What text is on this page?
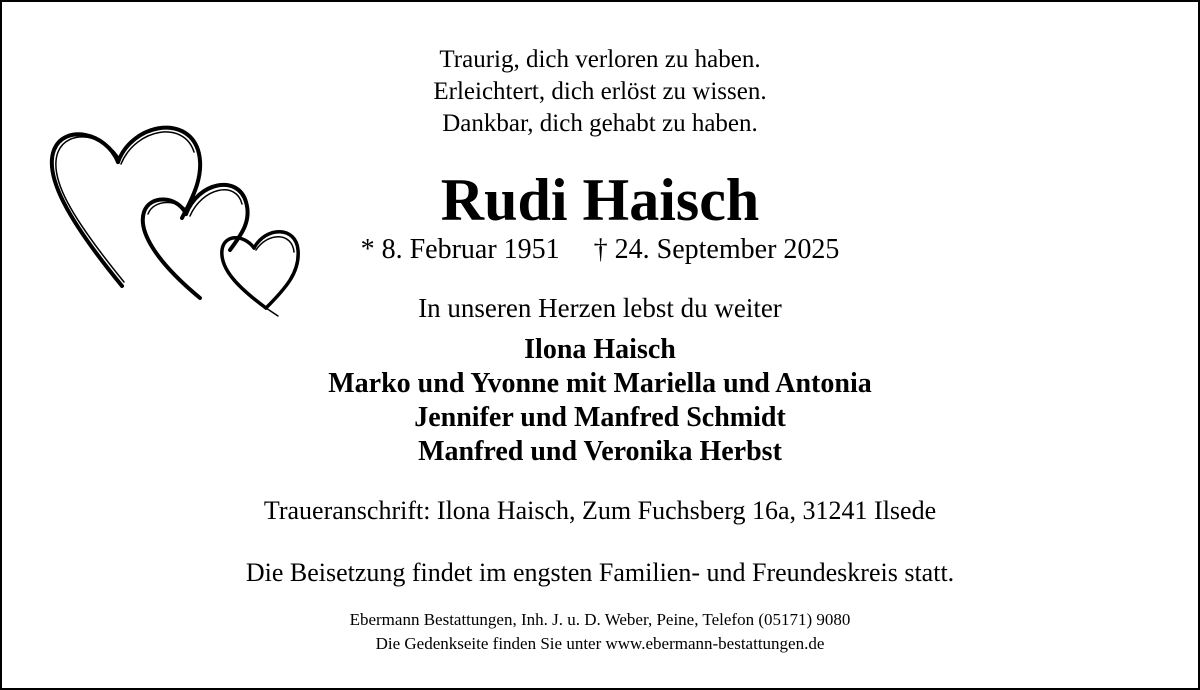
Traurig, dich verloren zu haben.
Erleichtert, dich erlöst zu wissen.
Dankbar, dich gehabt zu haben.
Rudi Haisch
* 8. Februar 1951 † 24. September 2025
In unseren Herzen lebst du weiter
Ilona Haisch
Marko und Yvonne mit Mariella und Antonia
Jennifer und Manfred Schmidt
Manfred und Veronika Herbst
Traueranschrift: Ilona Haisch, Zum Fuchsberg 16a, 31241 Ilsede
Die Beisetzung findet im engsten Familien- und Freundeskreis statt.
Ebermann Bestattungen, Inh. J. u. D. Weber, Peine, Telefon (05171) 9080
Die Gedenkseite finden Sie unter www.ebermann-bestattungen.de
